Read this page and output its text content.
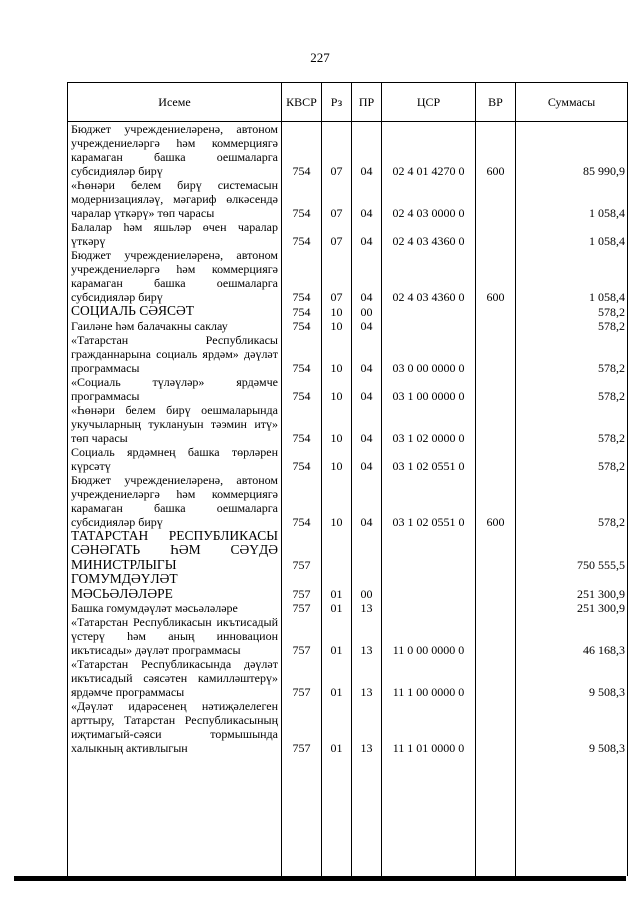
227
Исеме	КВСР	Рз	ПР	ЦСР	ВР	Суммасы
Бюджет учреждениеләренә, автоном учреждениеләргә һәм коммерциягә карамаган башка оешмаларга субсидияләр бирү	754	07	04	02 4 01 4270 0	600	85 990,9
«Һөнәри белем бирү системасын модернизацияләү, мәгариф өлкәсендә чаралар үткәрү» төп чарасы	754	07	04	02 4 03 0000 0		1 058,4
Балалар һәм яшьләр өчен чаралар үткәрү	754	07	04	02 4 03 4360 0		1 058,4
Бюджет учреждениеләренә, автоном учреждениеләргә һәм коммерциягә карамаган башка оешмаларга субсидияләр бирү	754	07	04	02 4 03 4360 0	600	1 058,4
СОЦИАЛЬ СӘЯСӘТ	754	10	00			578,2
Гаиләне һәм балачакны саклау	754	10	04			578,2
«Татарстан Республикасы гражданнарына социаль ярдәм» дәүләт программасы	754	10	04	03 0 00 0000 0		578,2
«Социаль түләүләр» ярдәмче программасы	754	10	04	03 1 00 0000 0		578,2
«Һөнәри белем бирү оешмаларында укучыларның туклануын тәэмин итү» төп чарасы	754	10	04	03 1 02 0000 0		578,2
Социаль ярдәмнең башка төрләрен күрсәтү	754	10	04	03 1 02 0551 0		578,2
Бюджет учреждениеләренә, автоном учреждениеләргә һәм коммерциягә карамаган башка оешмаларга субсидияләр бирү	754	10	04	03 1 02 0551 0	600	578,2
ТАТАРСТАН РЕСПУБЛИКАСЫ СӘНӘГАТЬ ҺӘМ СӘҮДӘ МИНИСТРЛЫГЫ	757					750 555,5
ГОМУМДӘҮЛӘТ МӘСЬӘЛӘЛӘРЕ	757	01	00			251 300,9
Башка гомумдәүләт мәсьәләләре	757	01	13			251 300,9
«Татарстан Республикасын икътисадый үстерү һәм аның инновацион икътисады» дәүләт программасы	757	01	13	11 0 00 0000 0		46 168,3
«Татарстан Республикасында дәүләт икътисадый сәясәтен камилләштерү» ярдәмче программасы	757	01	13	11 1 00 0000 0		9 508,3
«Дәүләт идарәсенең нәтиҗәлелеген арттыру, Татарстан Республикасының иҗтимагый-сәяси тормышында халыкның активлыгын	757	01	13	11 1 01 0000 0		9 508,3
